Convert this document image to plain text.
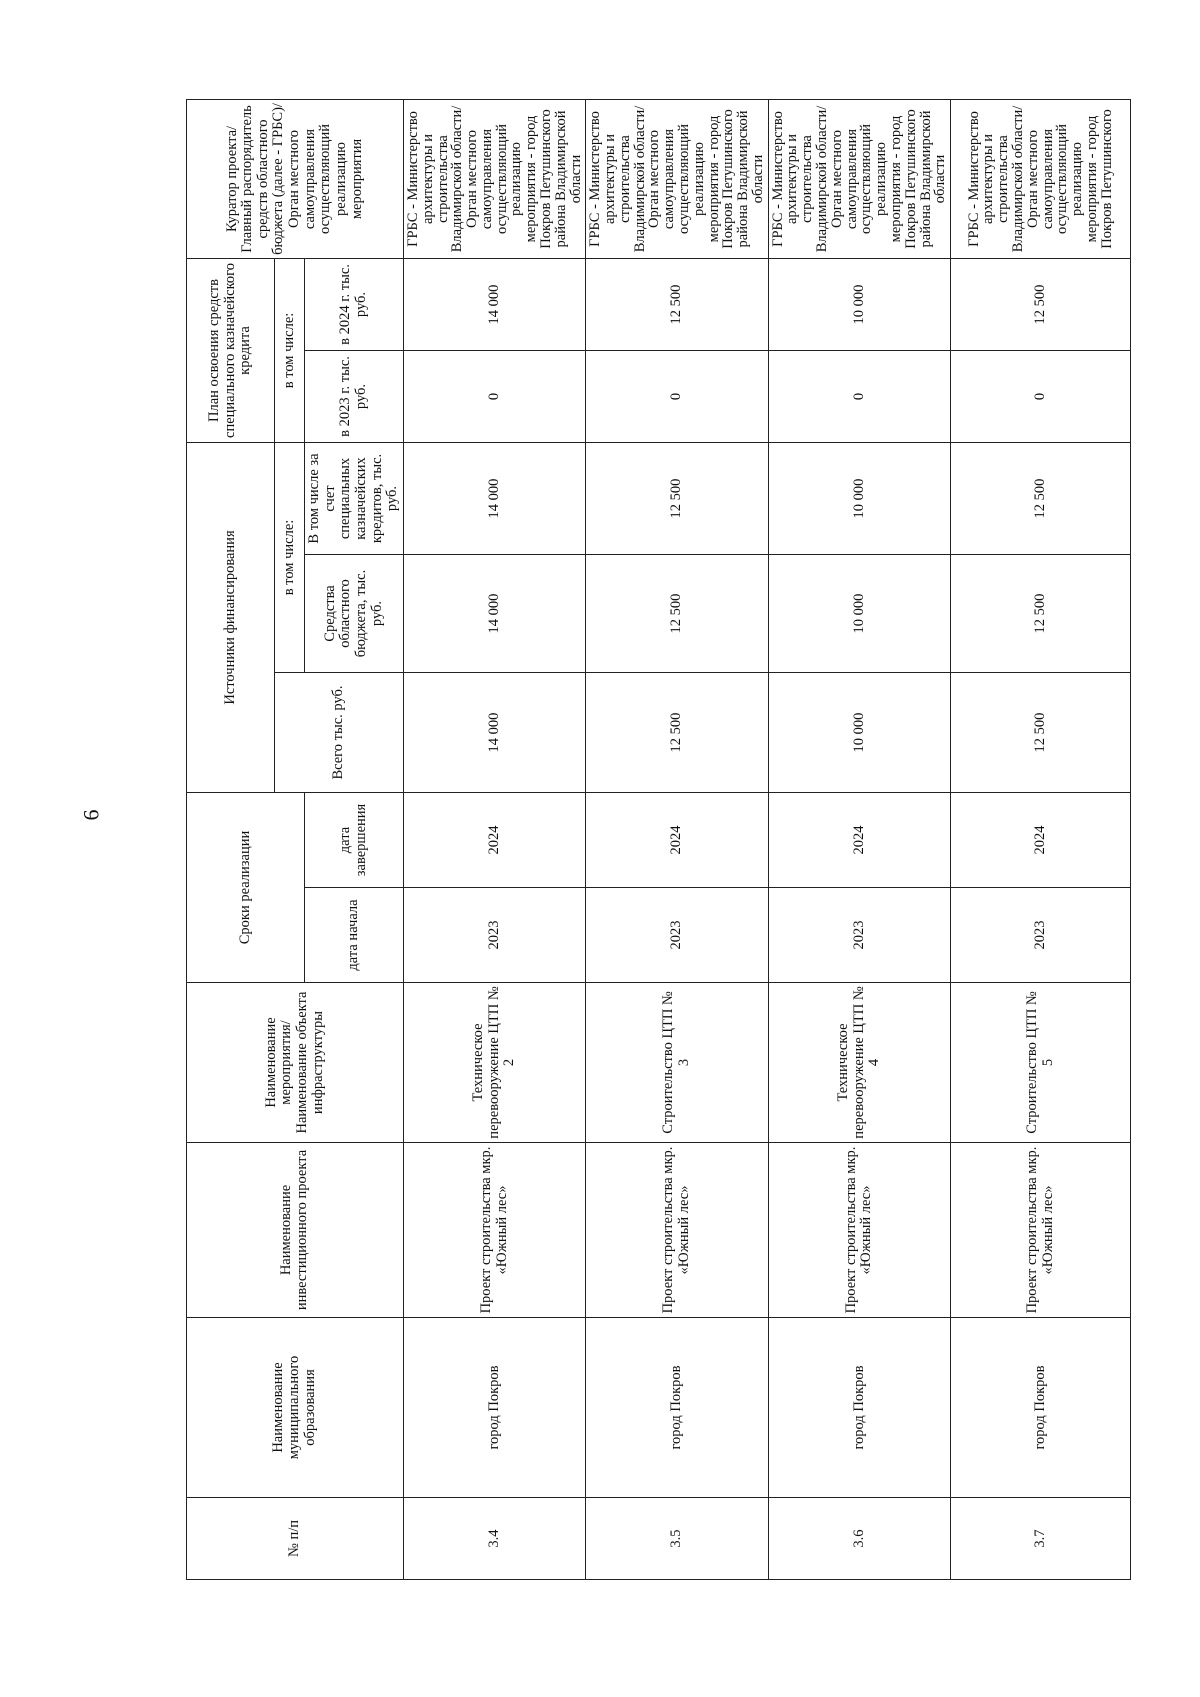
6
№ п/п	Наименование муниципального образования	Наименование инвестиционного проекта	Наименование мероприятия/ Наименование объекта инфраструктуры	Сроки реализации		Источники финансирования			План освоения средств специального казначейского кредита		Куратор проекта/ Главный распорядитель средств областного бюджета (далее - ГРБС)/ Орган местного самоуправления осуществляющий реализацию мероприятия
						Всего тыс. руб.	в том числе:		в том числе:		
				дата начала	дата завершения		Средства областного бюджета, тыс. руб.	В том числе за счет специальных казначейских кредитов, тыс. руб.	в 2023 г. тыс. руб.	в 2024 г. тыс. руб.	
3.4	город Покров	Проект строительства мкр. «Южный лес»	Техническое перевооружение ЦТП № 2	2023	2024	14 000	14 000	14 000	0	14 000	ГРБС - Министерство архитектуры и строительства Владимирской области/ Орган местного самоуправления осуществляющий реализацию мероприятия - город Покров Петушинского района Владимирской области
3.5	город Покров	Проект строительства мкр. «Южный лес»	Строительство ЦТП № 3	2023	2024	12 500	12 500	12 500	0	12 500	ГРБС - Министерство архитектуры и строительства Владимирской области/ Орган местного самоуправления осуществляющий реализацию мероприятия - город Покров Петушинского района Владимирской области
3.6	город Покров	Проект строительства мкр. «Южный лес»	Техническое перевооружение ЦТП № 4	2023	2024	10 000	10 000	10 000	0	10 000	ГРБС - Министерство архитектуры и строительства Владимирской области/ Орган местного самоуправления осуществляющий реализацию мероприятия - город Покров Петушинского района Владимирской области
3.7	город Покров	Проект строительства мкр. «Южный лес»	Строительство ЦТП № 5	2023	2024	12 500	12 500	12 500	0	12 500	ГРБС - Министерство архитектуры и строительства Владимирской области/ Орган местного самоуправления осуществляющий реализацию мероприятия - город Покров Петушинского
